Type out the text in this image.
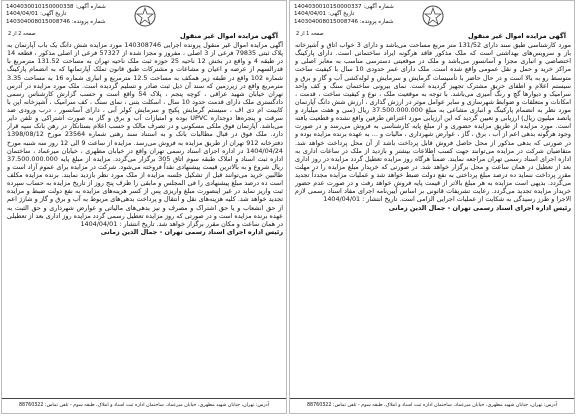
شماره آگهی: 1404030010150000338
تاریخ آگهی: 1404/04/01
شماره پرونده: 140304008015008746
صفحه 2 از 2	آگهی مزایده اموال غیر منقول
آگهی مزایده اموال غیر منقول پرونده اجرایی 140308746 مورد مزایده شش دانگ یک باب آپارتمان به پلاک ثبتی 79835 فرعی از 3 اصلی ، مفروز و مجزا شده از 57327 فرعی از اصلی مذکور ، قطعه 14 در طبقه 4 و واقع در بخش 12 ناحیه 25 حوزه ثبت ملک ناحیه تهران به مساحت 131.52 مترمربع با قدرالسهم از عرصه و اعیان و مشاعات و مشترکات طبق قانون تملک آپارتمانها که به انضمام پارکینگ شماره 102 واقع در طبقه زیر همکف به مساحت 12.5 مترمربع و انباری شماره 16 به مساحت 3.35 مترمربع واقع در زیرزمین که سند آن ذیل ثبت صادر و تسلیم گردیده است. ملک مورد مزایده در آدرس تهران خیابان شهید عراقی ، کوچه پنجم ، پلاک 54 واقع است و حسب گزارش کارشناس رسمی دادگستری ملک دارای قدمت حدود 10 سال ، اسکلت بتنی ، نمای سنگ ، کف سرامیک ، آشپزخانه اپن با کابینت ام دی اف ، سیستم گرمایش پکیج و سرمایش کولر آبی ، دارای آسانسور ، درب ورودی ضد سرقت و پنجره‌ها دوجداره UPVC بوده و امتیازات آب و برق و گاز به صورت اشتراکی و تلفن دایر می‌باشد. آپارتمان فوق ملکی مسکونی و در تصرف مالک و حسب اعلام بستانکار در رهن بانک سپه قرار دارد. ملک فوق در قبال مطالبات بانک و به استناد سند رهنی شماره 23564 مورخ 1398/08/12 دفترخانه 912 تهران از طریق مزایده به فروش می‌رسد. مزایده از ساعت 9 الی 12 روز سه شنبه مورخ 1404/04/24 در اداره اجرای اسناد رسمی تهران واقع در خیابان مطهری ، خیابان میرعماد ، ساختمان اداره ثبت اسناد و املاک طبقه سوم اتاق 305 برگزار می‌گردد. مزایده از مبلغ پایه 37.500.000.000 ریال شروع و به بالاترین قیمت پیشنهادی نقداً فروخته می‌شود. شرکت در مزایده برای عموم آزاد است و طالبین خرید می‌توانند قبل از تشکیل جلسه مزایده از ملک مورد نظر بازدید نمایند. برنده مزایده مکلف است ده درصد مبلغ پیشنهادی را فی المجلس و مابقی را ظرف پنج روز از تاریخ مزایده به حساب سپرده ثبت واریز نماید در غیر اینصورت مبلغ واریزی پس از کسر هزینه‌های مزایده به نفع دولت ضبط و مزایده تجدید خواهد شد. کلیه هزینه‌های نقل و انتقال و پرداخت بدهی‌های مربوط به آب و برق و گاز و شارژ اعم از حق انشعاب و یا حق اشتراک و مصرف و نیز بدهی‌های مالیاتی و عوارض شهرداری و حق الثبت به عهده برنده مزایده است و در صورتی که روز مزایده تعطیل رسمی گردد مزایده روز اداری بعد از تعطیلی در همان ساعت و مکان مقرر برگزار خواهد شد. تاریخ انتشار : 1404/04/01
رئیس اداره اجرای اسناد رسمی تهران - جمال الدین زمانی
آدرس: تهران، خیابان شهید مطهری، خیابان میرعماد، ساختمان اداره ثبت اسناد و املاک، طبقه سوم - تلفن تماس: 88760322
شماره آگهی: 1404030010150000337
تاریخ آگهی: 1404/04/01
شماره پرونده: 140304008015008746
صفحه 1 از 2	آگهی مزایده اموال غیر منقول
مورد کارشناسی طبق سند دارای 131/52 متر مربع مساحت می‌باشد و دارای 3 خواب اتاق و آشپزخانه باز و سرویس‌های بهداشتی است که ملک مذکور فاقد هرگونه ایراد ساختمانی است. دارای پارکینگ اختصاصی و انباری مجزا و آسانسور می‌باشد و ملک در موقعیتی دسترسی مناسب به معابر اصلی و مراکز خرید و حمل و نقل عمومی واقع شده است. ملک دارای عمر حدودی 10 سال با کیفیت ساخت متوسط رو به بالا است و در حال حاضر با تأسیسات گرمایش و سرمایش و لوله‌کشی آب و گاز و برق و سیستم اعلام و اطفای حریق مشترک تجهیز گردیده است. نمای بیرونی ساختمان سنگ و کف واحد سرامیک و دیوارها گچ و رنگ آمیزی می‌باشد. با توجه به موقعیت ملک ، نوع و کیفیت ساخت ، قدمت ، امکانات و متعلقات و ضوابط شهرسازی و سایر عوامل موثر در ارزش گذاری ، ارزش شش دانگ آپارتمان مورد نظر به انضمام پارکینگ و انباری مشاعی به مبلغ 37.500.000.000 ریال (سی و هفت میلیارد و پانصد میلیون ریال) ارزیابی و تعیین گردید که این ارزیابی مورد اعتراض طرفین واقع نشده و قطعیت یافته است. مورد مزایده از طریق مزایده حضوری و از مبلغ پایه کارشناسی به فروش می‌رسد و در صورت وجود هرگونه بدهی اعم از آب ، برق ، گاز ، عوارض شهرداری ، مالیات و ... به عهده برنده مزایده بوده و در صورتی که بدهی مذکور از محل حاصل فروش قابل پرداخت باشد از آن محل پرداخت خواهد شد. متقاضیان شرکت در مزایده می‌توانند جهت کسب اطلاعات بیشتر و بازدید از ملک در ساعات اداری به اداره اجرای اسناد رسمی تهران مراجعه نمایند. ضمناً هرگاه روز مزایده تعطیل گردد مزایده در روز اداری بعد از تعطیل در همان ساعت و محل برگزار خواهد شد. در صورتی که خریدار مبلغ مزایده را در مهلت مقرر پرداخت ننماید ده درصد مبلغ پرداختی به نفع دولت ضبط خواهد شد و عملیات مزایده مجدداً تجدید می‌گردد. بدیهی است مزایده به هر مبلغ بالاتر از قیمت پایه فروش خواهد رفت و در صورت عدم حضور خریدار مزایده تجدید می‌گردد. رعایت تشریفات قانونی بر اساس آیین‌نامه اجرای مفاد اسناد رسمی لازم الاجرا و طرز رسیدگی به شکایت از عملیات اجرایی الزامی است. تاریخ انتشار : 1404/04/01
رئیس اداره اجرای اسناد رسمی تهران - جمال الدین زمانی
آدرس: تهران، خیابان شهید مطهری، خیابان میرعماد، ساختمان اداره ثبت اسناد و املاک، طبقه سوم - تلفن تماس: 88760322
